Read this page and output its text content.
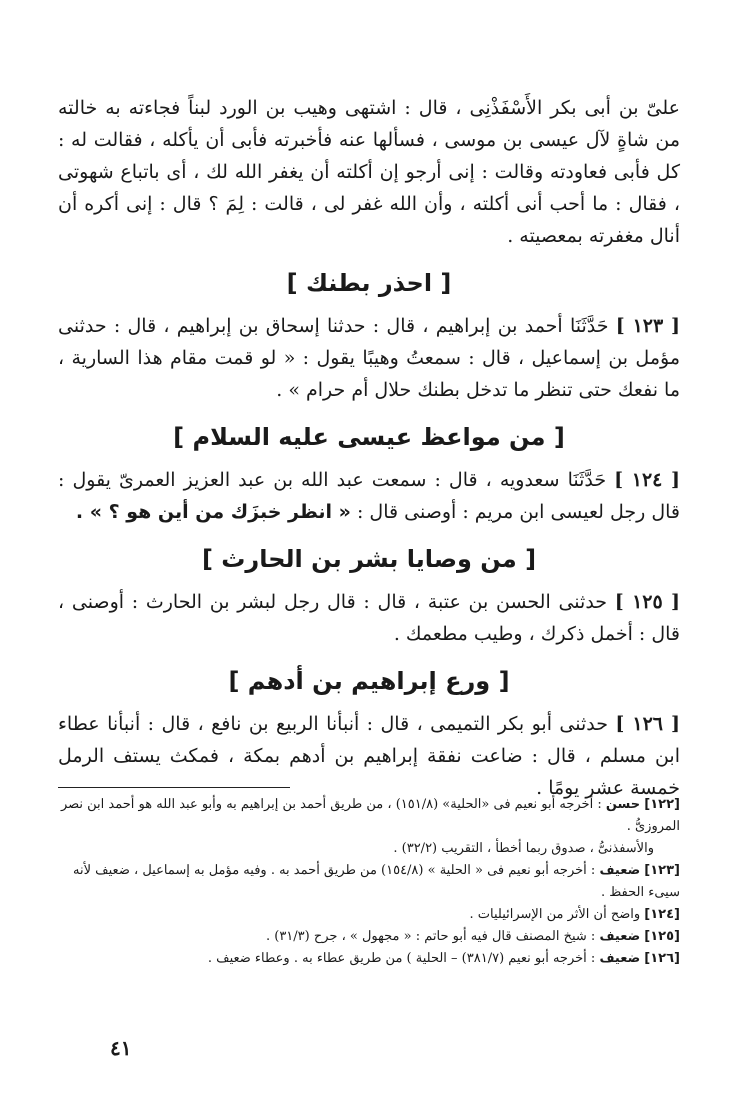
علىّ بن أبى بكر الأَسْفَذْنِى ، قال : اشتهى وهيب بن الورد لبناً فجاءته به خالته من شاةٍ لآل عيسى بن موسى ، فسألها عنه فأخبرته فأبى أن يأكله ، فقالت له : كل فأبى فعاودته وقالت : إنى أرجو إن أكلته أن يغفر الله لك ، أى باتباع شهوتى ، فقال : ما أحب أنى أكلته ، وأن الله غفر لى ، قالت : لِمَ ؟ قال : إنى أكره أن أنال مغفرته بمعصيته .

[ احذر بطنك ]

[ ١٢٣ ] حَدَّثَنَا أحمد بن إبراهيم ، قال : حدثنا إسحاق بن إبراهيم ، قال : حدثنى مؤمل بن إسماعيل ، قال : سمعتُ وهيبًا يقول : « لو قمت مقام هذا السارية ، ما نفعك حتى تنظر ما تدخل بطنك حلال أم حرام » .

[ من مواعظ عيسى عليه السلام ]

[ ١٢٤ ] حَدَّثَنَا سعدويه ، قال : سمعت عبد الله بن عبد العزيز العمرىّ يقول : قال رجل لعيسى ابن مريم : أوصنى قال : « انظر خبزَك من أين هو ؟ » .

[ من وصايا بشر بن الحارث ]

[ ١٢٥ ] حدثنى الحسن بن عتبة ، قال : قال رجل لبشر بن الحارث : أوصنى ، قال : أخمل ذكرك ، وطيب مطعمك .

[ ورع إبراهيم بن أدهم ]

[ ١٢٦ ] حدثنى أبو بكر التميمى ، قال : أنبأنا الربيع بن نافع ، قال : أنبأنا عطاء ابن مسلم ، قال : ضاعت نفقة إبراهيم بن أدهم بمكة ، فمكث يستف الرمل خمسة عشر يومًا .

[١٢٢] حسن : أخرجه أبو نعيم فى «الحلية» (١٥١/٨) ، من طريق أحمد بن إبراهيم به وأبو عبد الله هو أحمد ابن نصر المروزىُّ .

والأسفذنىُّ ، صدوق ربما أخطأ ، التقريب (٣٢/٢) .

[١٢٣] ضعيف : أخرجه أبو نعيم فى « الحلية » (١٥٤/٨) من طريق أحمد به . وفيه مؤمل به إسماعيل ، ضعيف لأنه سيىء الحفظ .

[١٢٤] واضح أن الأثر من الإسرائيليات .

[١٢٥] ضعيف : شيخ المصنف قال فيه أبو حاتم : « مجهول » ، جرح (٣١/٣) .

[١٢٦] ضعيف : أخرجه أبو نعيم (٣٨١/٧) – الحلية ) من طريق عطاء به . وعطاء ضعيف .

٤١
